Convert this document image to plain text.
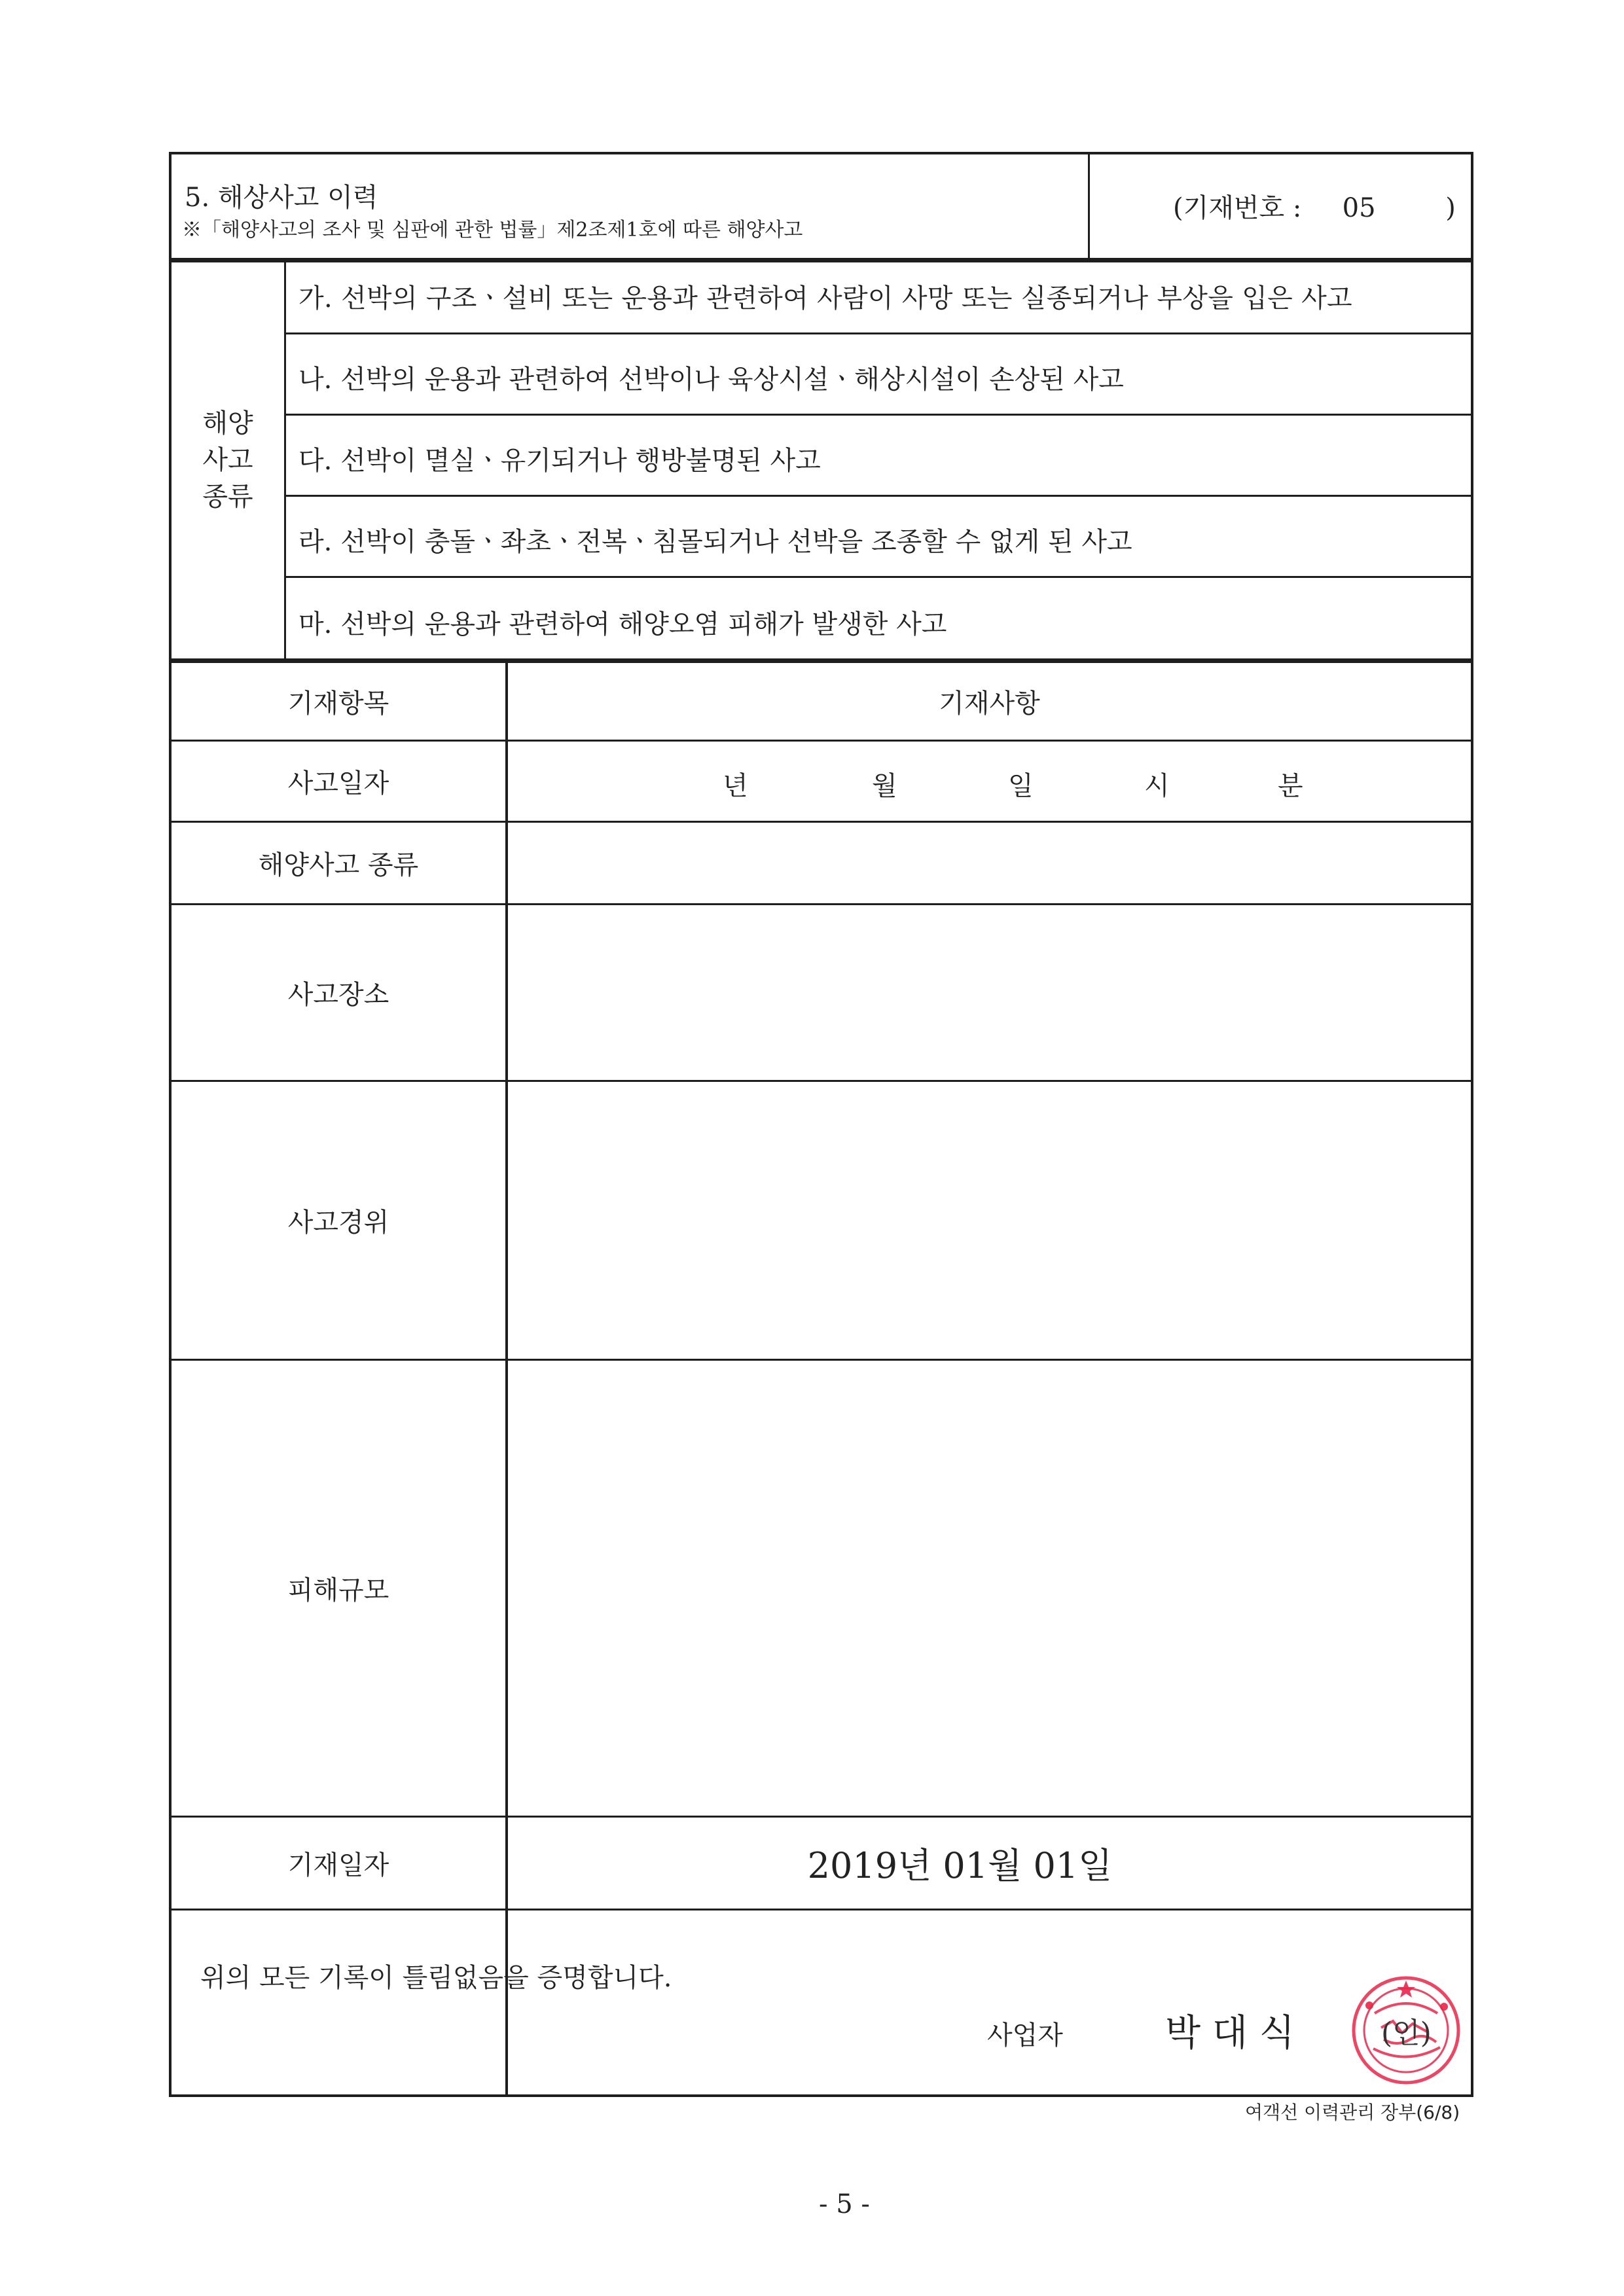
5. 해상사고 이력
※「해양사고의 조사 및 심판에 관한 법률」제2조제1호에 따른 해양사고
(기재번호 : 05	)
해양
사고
종류
가. 선박의 구조ㆍ설비 또는 운용과 관련하여 사람이 사망 또는 실종되거나 부상을 입은 사고
나. 선박의 운용과 관련하여 선박이나 육상시설ㆍ해상시설이 손상된 사고
다. 선박이 멸실ㆍ유기되거나 행방불명된 사고
라. 선박이 충돌ㆍ좌초ㆍ전복ㆍ침몰되거나 선박을 조종할 수 없게 된 사고
마. 선박의 운용과 관련하여 해양오염 피해가 발생한 사고
기재항목	기재사항
사고일자	년	월	일	시	분
해양사고 종류
사고장소
사고경위
피해규모
기재일자	2019년 01월 01일
위의 모든 기록이 틀림없음을 증명합니다.
사업자	박 대 식	(인)
여객선 이력관리 장부(6/8)
- 5 -
